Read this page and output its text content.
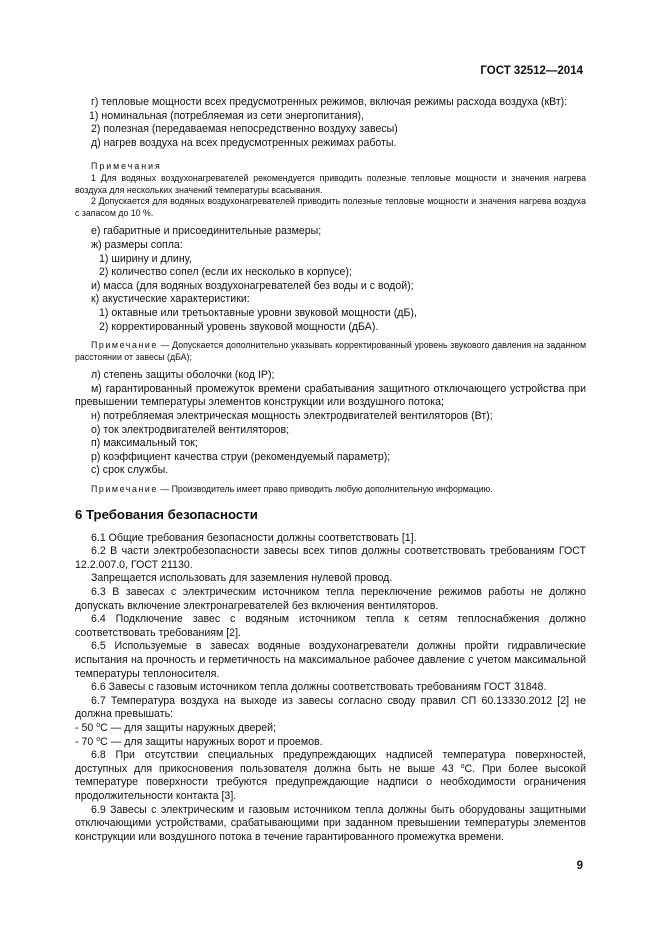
ГОСТ 32512—2014

г) тепловые мощности всех предусмотренных режимов, включая режимы расхода воздуха (кВт):

1) номинальная (потребляемая из сети энергопитания),

2) полезная (передаваемая непосредственно воздуху завесы)

д) нагрев воздуха на всех предусмотренных режимах работы.

Примечания

1 Для водяных воздухонагревателей рекомендуется приводить полезные тепловые мощности и значения нагрева воздуха для нескольких значений температуры всасывания.

2 Допускается для водяных воздухонагревателей приводить полезные тепловые мощности и значения нагрева воздуха с запасом до 10 %.

е) габаритные и присоединительные размеры;

ж) размеры сопла:

1) ширину и длину,

2) количество сопел (если их несколько в корпусе);

и) масса (для водяных воздухонагревателей без воды и с водой);

к) акустические характеристики:

1) октавные или третьоктавные уровни звуковой мощности (дБ),

2) корректированный уровень звуковой мощности (дБА).

Примечание — Допускается дополнительно указывать корректированный уровень звукового давления на заданном расстоянии от завесы (дБА);

л) степень защиты оболочки (код IP);

м) гарантированный промежуток времени срабатывания защитного отключающего устройства при превышении температуры элементов конструкции или воздушного потока;

н) потребляемая электрическая мощность электродвигателей вентиляторов (Вт);

о) ток электродвигателей вентиляторов;

п) максимальный ток;

р) коэффициент качества струи (рекомендуемый параметр);

с) срок службы.

Примечание — Производитель имеет право приводить любую дополнительную информацию.

6 Требования безопасности

6.1 Общие требования безопасности должны соответствовать [1].

6.2 В части электробезопасности завесы всех типов должны соответствовать требованиям ГОСТ 12.2.007.0, ГОСТ 21130.

Запрещается использовать для заземления нулевой провод.

6.3 В завесах с электрическим источником тепла переключение режимов работы не должно допускать включение электронагревателей без включения вентиляторов.

6.4 Подключение завес с водяным источником тепла к сетям теплоснабжения должно соответствовать требованиям [2].

6.5 Используемые в завесах водяные воздухонагреватели должны пройти гидравлические испытания на прочность и герметичность на максимальное рабочее давление с учетом максимальной температуры теплоносителя.

6.6 Завесы с газовым источником тепла должны соответствовать требованиям ГОСТ 31848.

6.7 Температура воздуха на выходе из завесы согласно своду правил СП 60.13330.2012 [2] не должна превышать:

- 50 $^o$С — для защиты наружных дверей;

- 70 $^o$С — для защиты наружных ворот и проемов.

6.8 При отсутствии специальных предупреждающих надписей температура поверхностей, доступных для прикосновения пользователя должна быть не выше 43 $^o$С. При более высокой температуре поверхности требуются предупреждающие надписи о необходимости ограничения продолжительности контакта [3].

6.9 Завесы с электрическим и газовым источником тепла должны быть оборудованы защитными отключающими устройствами, срабатывающими при заданном превышении температуры элементов конструкции или воздушного потока в течение гарантированного промежутка времени.

9
